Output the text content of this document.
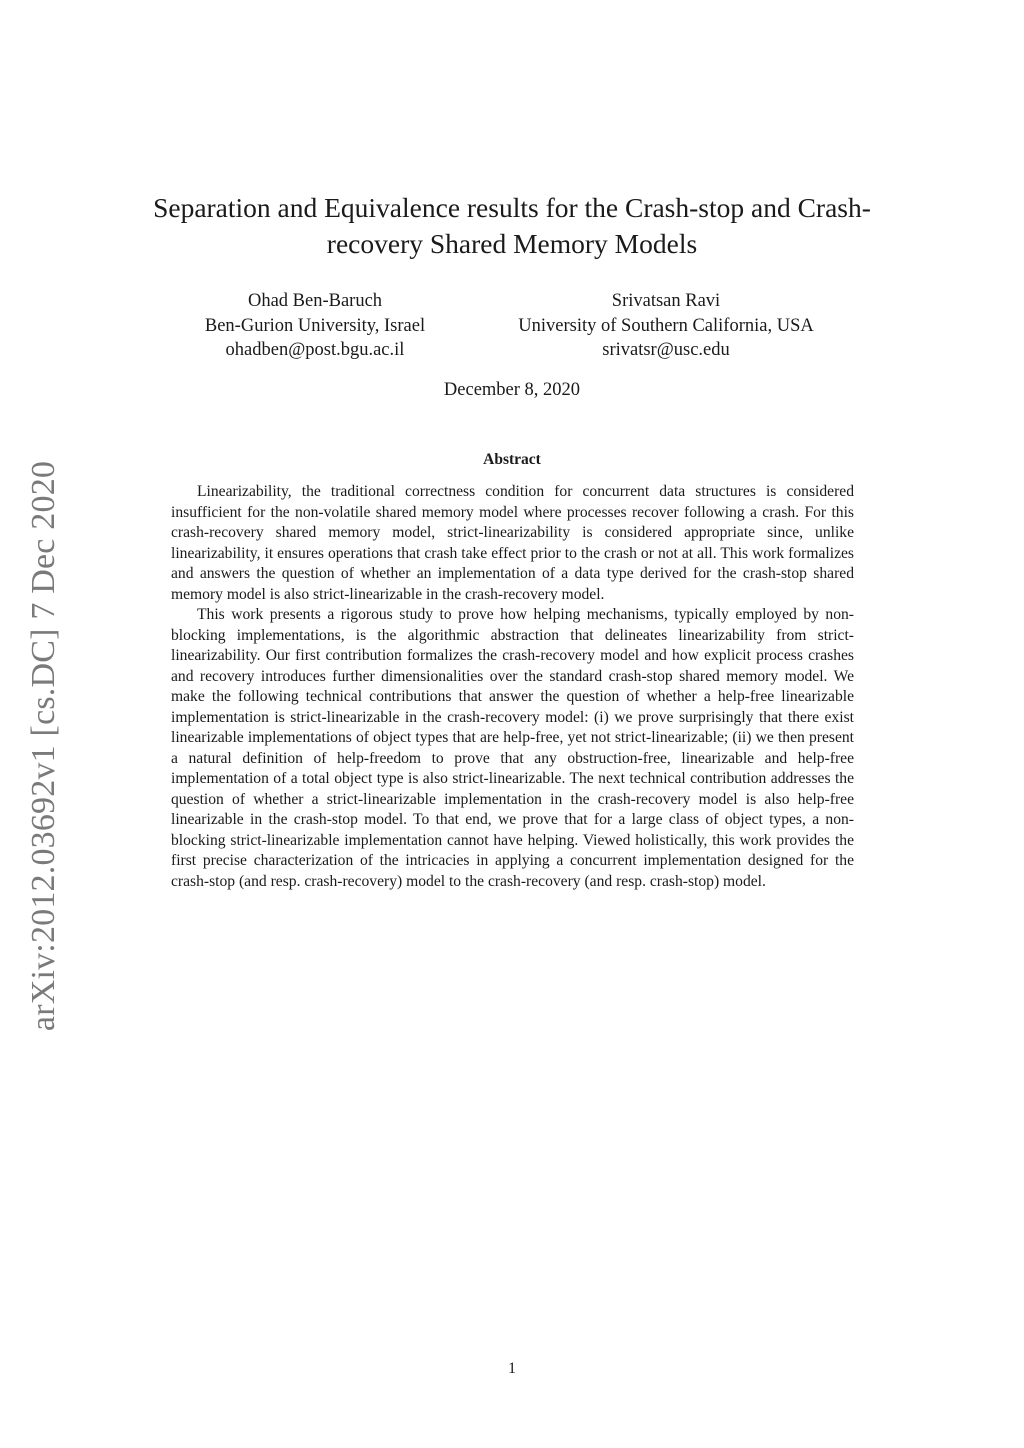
arXiv:2012.03692v1 [cs.DC] 7 Dec 2020
Separation and Equivalence results for the Crash-stop and Crash-recovery Shared Memory Models
Ohad Ben-Baruch
Ben-Gurion University, Israel
ohadben@post.bgu.ac.il
Srivatsan Ravi
University of Southern California, USA
srivatsr@usc.edu
December 8, 2020
Abstract

Linearizability, the traditional correctness condition for concurrent data structures is considered insufficient for the non-volatile shared memory model where processes recover following a crash. For this crash-recovery shared memory model, strict-linearizability is considered appropriate since, unlike linearizability, it ensures operations that crash take effect prior to the crash or not at all. This work formalizes and answers the question of whether an implementation of a data type derived for the crash-stop shared memory model is also strict-linearizable in the crash-recovery model.

This work presents a rigorous study to prove how helping mechanisms, typically employed by non-blocking implementations, is the algorithmic abstraction that delineates linearizability from strict-linearizability. Our first contribution formalizes the crash-recovery model and how explicit process crashes and recovery introduces further dimensionalities over the standard crash-stop shared memory model. We make the following technical contributions that answer the question of whether a help-free linearizable implementation is strict-linearizable in the crash-recovery model: (i) we prove surprisingly that there exist linearizable implementations of object types that are help-free, yet not strict-linearizable; (ii) we then present a natural definition of help-freedom to prove that any obstruction-free, linearizable and help-free implementation of a total object type is also strict-linearizable. The next technical contribution addresses the question of whether a strict-linearizable implementation in the crash-recovery model is also help-free linearizable in the crash-stop model. To that end, we prove that for a large class of object types, a non-blocking strict-linearizable implementation cannot have helping. Viewed holistically, this work provides the first precise characterization of the intricacies in applying a concurrent implementation designed for the crash-stop (and resp. crash-recovery) model to the crash-recovery (and resp. crash-stop) model.

1
